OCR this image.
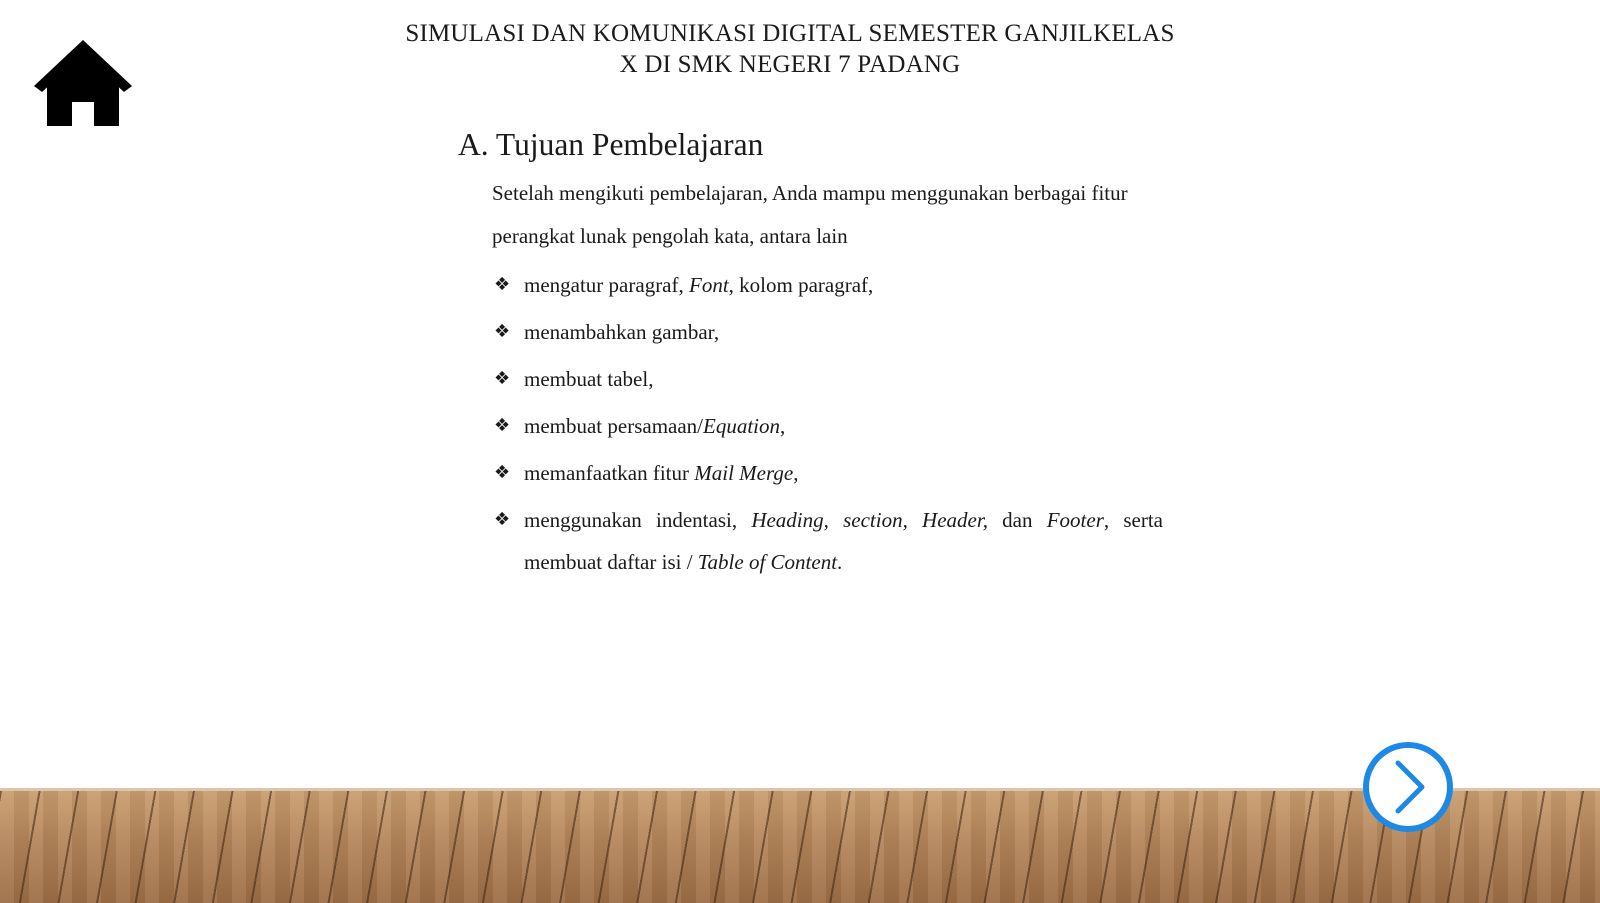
SIMULASI DAN KOMUNIKASI DIGITAL SEMESTER GANJILKELAS
X DI SMK NEGERI 7 PADANG
A. Tujuan Pembelajaran

Setelah mengikuti pembelajaran, Anda mampu menggunakan berbagai fitur perangkat lunak pengolah kata, antara lain

❖ mengatur paragraf, Font, kolom paragraf,
❖ menambahkan gambar,
❖ membuat tabel,
❖ membuat persamaan/Equation,
❖ memanfaatkan fitur Mail Merge,
❖ menggunakan indentasi, Heading, section, Header, dan Footer, serta membuat daftar isi / Table of Content.
